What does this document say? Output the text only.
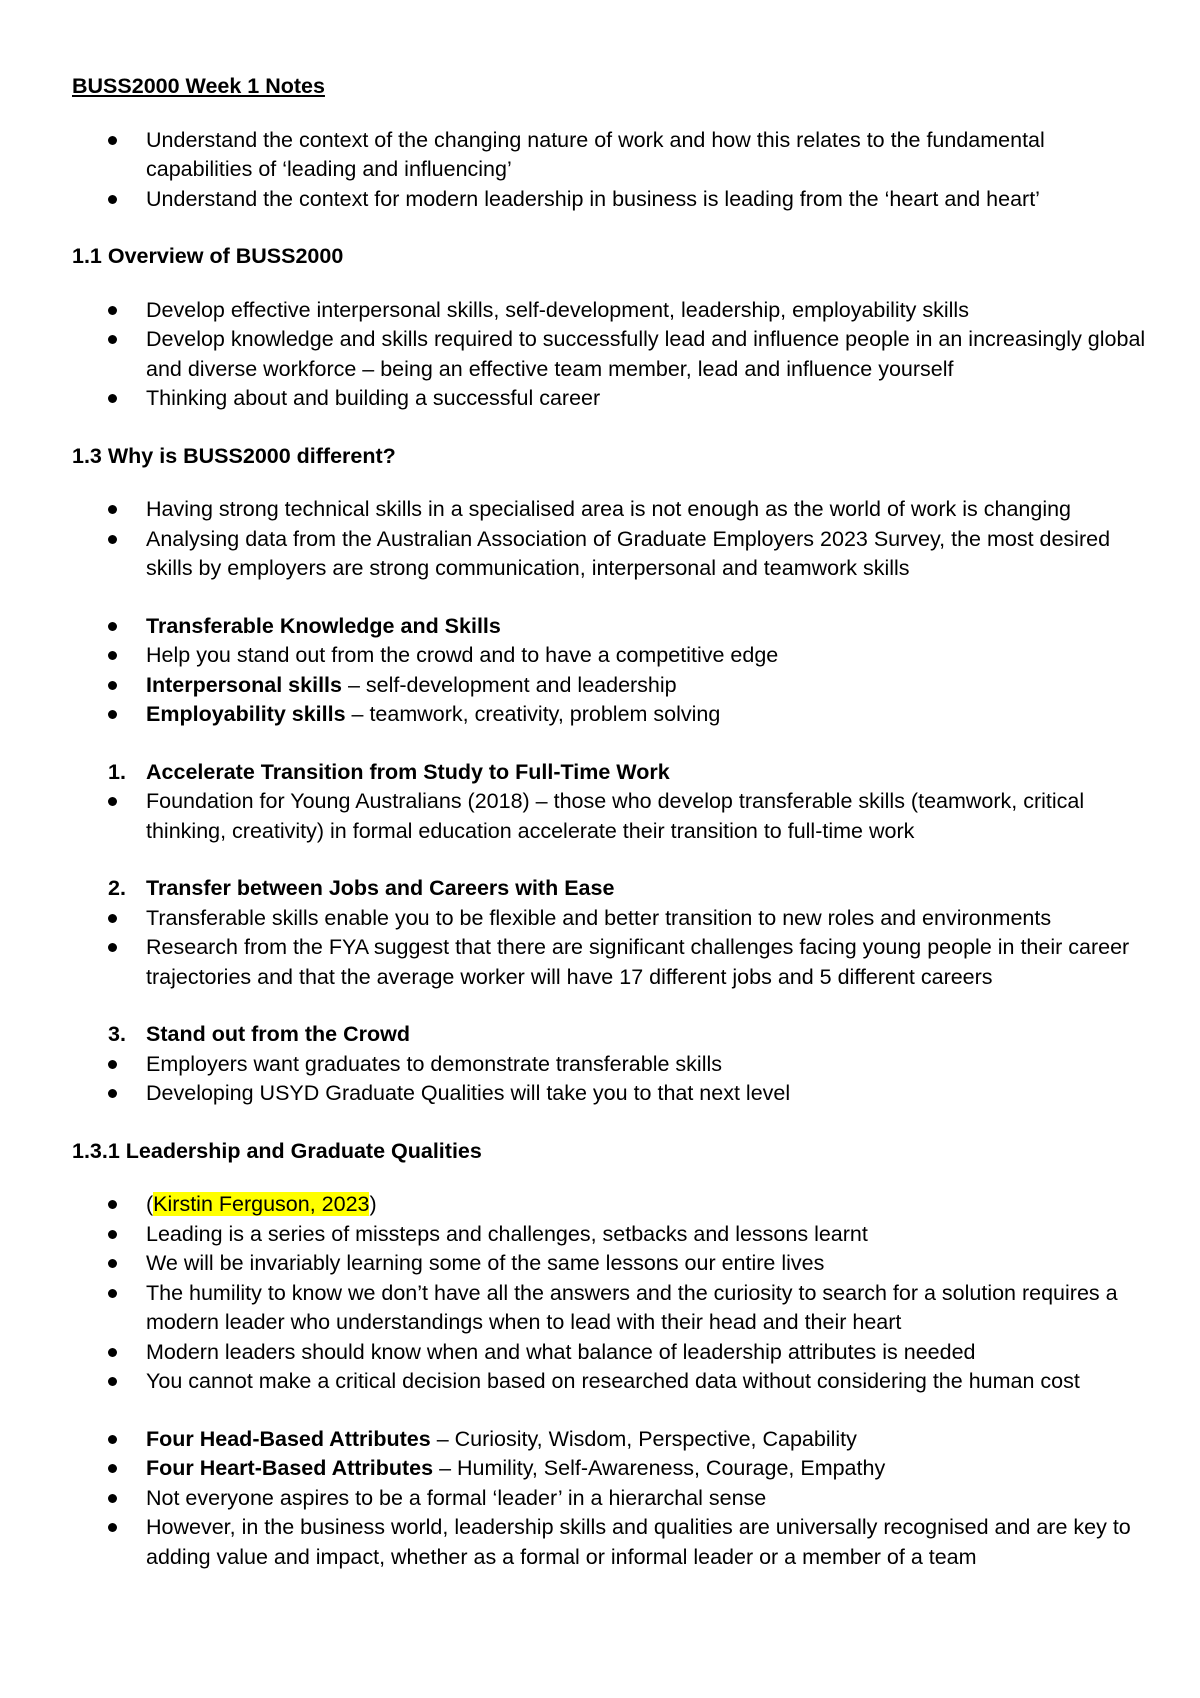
BUSS2000 Week 1 Notes

Understand the context of the changing nature of work and how this relates to the fundamental capabilities of ‘leading and influencing’
Understand the context for modern leadership in business is leading from the ‘heart and heart’

1.1 Overview of BUSS2000

Develop effective interpersonal skills, self-development, leadership, employability skills
Develop knowledge and skills required to successfully lead and influence people in an increasingly global and diverse workforce – being an effective team member, lead and influence yourself
Thinking about and building a successful career

1.3 Why is BUSS2000 different?

Having strong technical skills in a specialised area is not enough as the world of work is changing
Analysing data from the Australian Association of Graduate Employers 2023 Survey, the most desired skills by employers are strong communication, interpersonal and teamwork skills
Transferable Knowledge and Skills
Help you stand out from the crowd and to have a competitive edge
Interpersonal skills – self-development and leadership
Employability skills – teamwork, creativity, problem solving
1. Accelerate Transition from Study to Full-Time Work
Foundation for Young Australians (2018) – those who develop transferable skills (teamwork, critical thinking, creativity) in formal education accelerate their transition to full-time work
2. Transfer between Jobs and Careers with Ease
Transferable skills enable you to be flexible and better transition to new roles and environments
Research from the FYA suggest that there are significant challenges facing young people in their career trajectories and that the average worker will have 17 different jobs and 5 different careers
3. Stand out from the Crowd
Employers want graduates to demonstrate transferable skills
Developing USYD Graduate Qualities will take you to that next level

1.3.1 Leadership and Graduate Qualities

(Kirstin Ferguson, 2023)
Leading is a series of missteps and challenges, setbacks and lessons learnt
We will be invariably learning some of the same lessons our entire lives
The humility to know we don’t have all the answers and the curiosity to search for a solution requires a modern leader who understandings when to lead with their head and their heart
Modern leaders should know when and what balance of leadership attributes is needed
You cannot make a critical decision based on researched data without considering the human cost
Four Head-Based Attributes – Curiosity, Wisdom, Perspective, Capability
Four Heart-Based Attributes – Humility, Self-Awareness, Courage, Empathy
Not everyone aspires to be a formal ‘leader’ in a hierarchal sense
However, in the business world, leadership skills and qualities are universally recognised and are key to adding value and impact, whether as a formal or informal leader or a member of a team
